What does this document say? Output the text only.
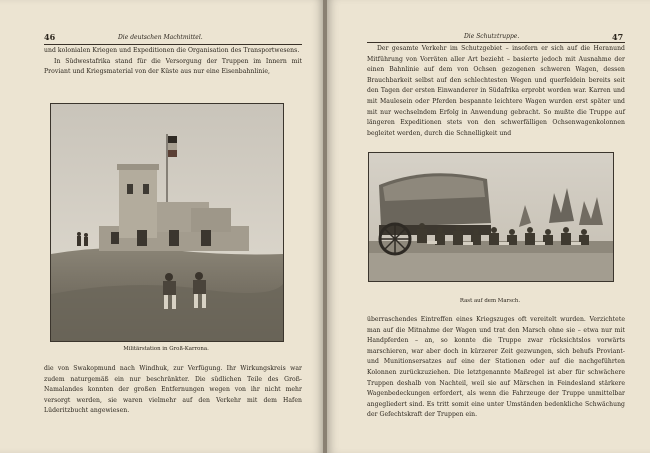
46	Die deutschen Machtmittel.

und kolonialen Kriegen und Expeditionen die Organisation des Transportwesens.

In Südwestafrika stand für die Versorgung der Truppen im Innern mit Proviant und Kriegsmaterial von der Küste aus nur eine Eisenbahnlinie,

Militärstation in Groß-Karrona.

die von Swakopmund nach Windhuk, zur Verfügung. Ihr Wirkungskreis war zudem naturgemäß ein nur beschränkter. Die südlichen Teile des Groß-Namalandes konnten der großen Entfernungen wegen von ihr nicht mehr versorgt werden, sie waren vielmehr auf den Verkehr mit dem Hafen Lüderitzbucht angewiesen.

Die Schutztruppe.	47

Der gesamte Verkehr im Schutzgebiet – insofern er sich auf die Heranund Mitführung von Vorräten aller Art bezieht – basierte jedoch mit Ausnahme der einen Bahnlinie auf dem von Ochsen gezogenen schweren Wagen, dessen Brauchbarkeit selbst auf den schlechtesten Wegen und querfeldein bereits seit den Tagen der ersten Einwanderer in Südafrika erprobt worden war. Karren und mit Maulesein oder Pferden bespannte leichtere Wagen wurden erst später und mit nur wechselndem Erfolg in Anwendung gebracht. So mußte die Truppe auf längeren Expeditionen stets von den schwerfälligen Ochsenwagenkolonnen begleitet werden, durch die Schnelligkeit und

Rast auf dem Marsch.

überraschendes Eintreffen eines Kriegszuges oft vereitelt wurden. Verzichtete man auf die Mitnahme der Wagen und trat den Marsch ohne sie – etwa nur mit Handpferden – an, so konnte die Truppe zwar rücksichtslos vorwärts marschieren, war aber doch in kürzerer Zeit gezwungen, sich behufs Proviant- und Munitionsersatzes auf eine der Stationen oder auf die nachgeführten Kolonnen zurückzuziehen. Die letztgenannte Maßregel ist aber für schwächere Truppen deshalb von Nachteil, weil sie auf Märschen in Feindesland stärkere Wagenbedeckungen erfordert, als wenn die Fahrzeuge der Truppe unmittelbar angegliedert sind. Es tritt somit eine unter Umständen bedenkliche Schwächung der Gefechtskraft der Truppen ein.
